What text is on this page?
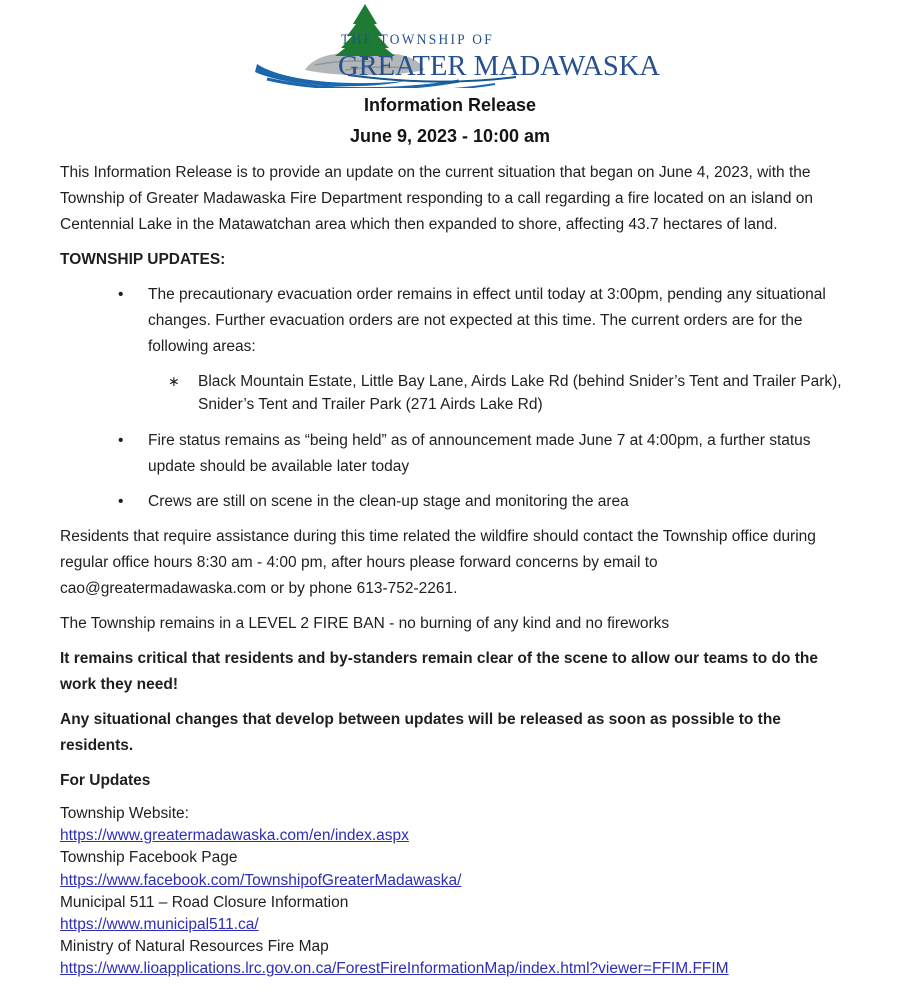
THE TOWNSHIP OF
GREATER MADAWASKA
Information Release
June 9, 2023 - 10:00 am

This Information Release is to provide an update on the current situation that began on June 4, 2023, with the Township of Greater Madawaska Fire Department responding to a call regarding a fire located on an island on Centennial Lake in the Matawatchan area which then expanded to shore, affecting 43.7 hectares of land.

TOWNSHIP UPDATES:
•	The precautionary evacuation order remains in effect until today at 3:00pm, pending any situational changes. Further evacuation orders are not expected at this time. The current orders are for the following areas:
∗	Black Mountain Estate, Little Bay Lane, Airds Lake Rd (behind Snider’s Tent and Trailer Park), Snider’s Tent and Trailer Park (271 Airds Lake Rd)
•	Fire status remains as “being held” as of announcement made June 7 at 4:00pm, a further status update should be available later today
•	Crews are still on scene in the clean-up stage and monitoring the area

Residents that require assistance during this time related the wildfire should contact the Township office during regular office hours 8:30 am - 4:00 pm, after hours please forward concerns by email to cao@greatermadawaska.com or by phone 613-752-2261.

The Township remains in a LEVEL 2 FIRE BAN - no burning of any kind and no fireworks

It remains critical that residents and by-standers remain clear of the scene to allow our teams to do the work they need!

Any situational changes that develop between updates will be released as soon as possible to the residents.

For Updates

Township Website:
https://www.greatermadawaska.com/en/index.aspx
Township Facebook Page
https://www.facebook.com/TownshipofGreaterMadawaska/
Municipal 511 – Road Closure Information
https://www.municipal511.ca/
Ministry of Natural Resources Fire Map
https://www.lioapplications.lrc.gov.on.ca/ForestFireInformationMap/index.html?viewer=FFIM.FFIM
